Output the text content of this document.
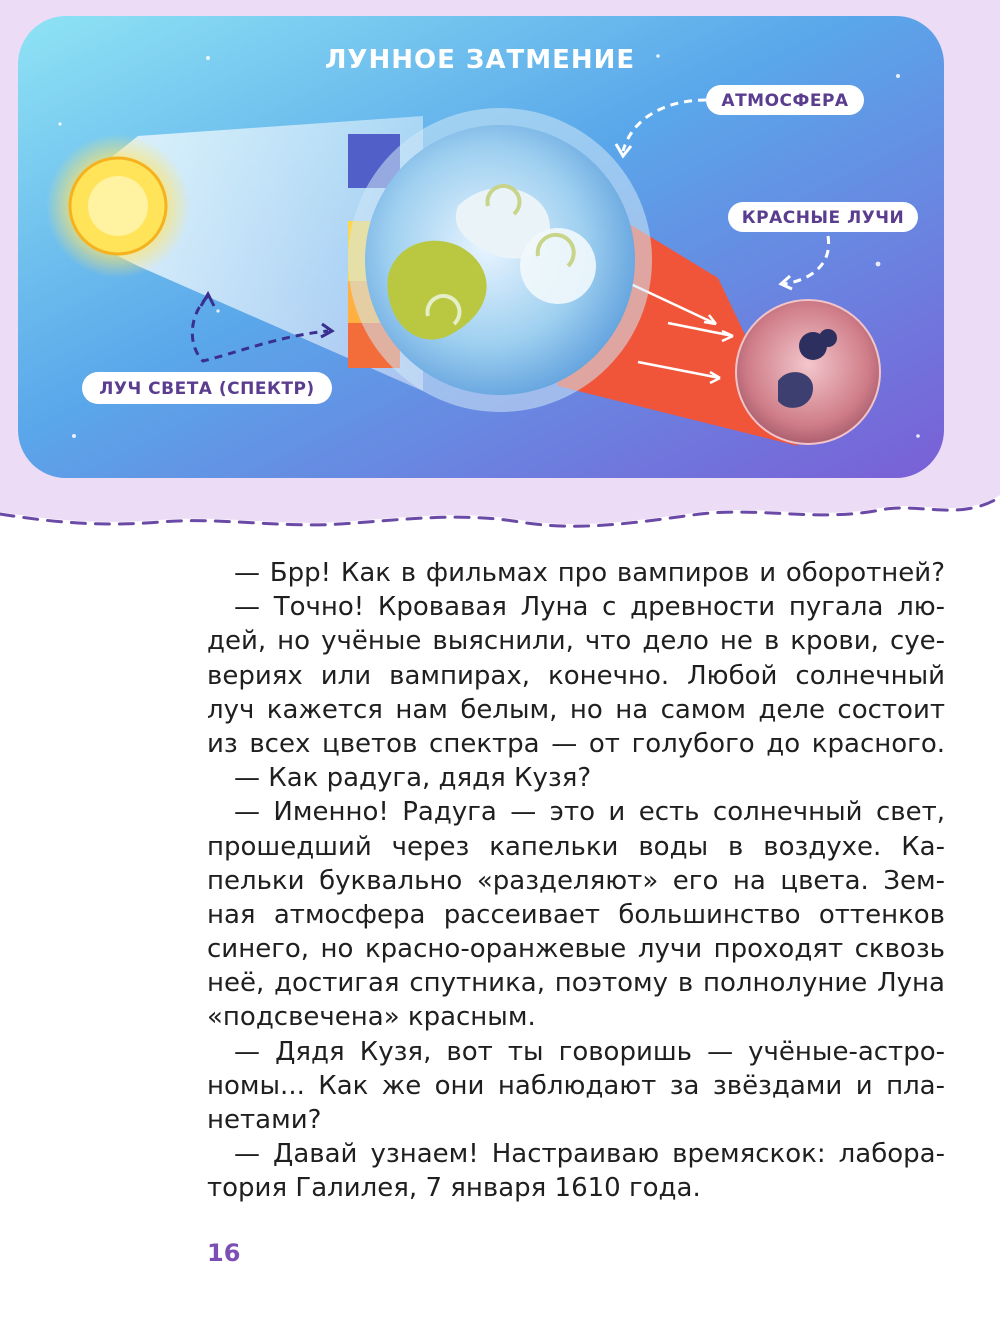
ЛУННОЕ ЗАТМЕНИЕ
АТМОСФЕРА
КРАСНЫЕ ЛУЧИ
ЛУЧ СВЕТА (СПЕКТР)
— Брр! Как в фильмах про вампиров и оборотней?
— Точно! Кровавая Луна с древности пугала лю-
дей, но учёные выяснили, что дело не в крови, суе-
вериях или вампирах, конечно. Любой солнечный
луч кажется нам белым, но на самом деле состоит
из всех цветов спектра — от голубого до красного.
— Как радуга, дядя Кузя?
— Именно! Радуга — это и есть солнечный свет,
прошедший через капельки воды в воздухе. Ка-
пельки буквально «разделяют» его на цвета. Зем-
ная атмосфера рассеивает большинство оттенков
синего, но красно-оранжевые лучи проходят сквозь
неё, достигая спутника, поэтому в полнолуние Луна
«подсвечена» красным.
— Дядя Кузя, вот ты говоришь — учёные-астро-
номы... Как же они наблюдают за звёздами и пла-
нетами?
— Давай узнаем! Настраиваю времяскок: лабора-
тория Галилея, 7 января 1610 года.
16
